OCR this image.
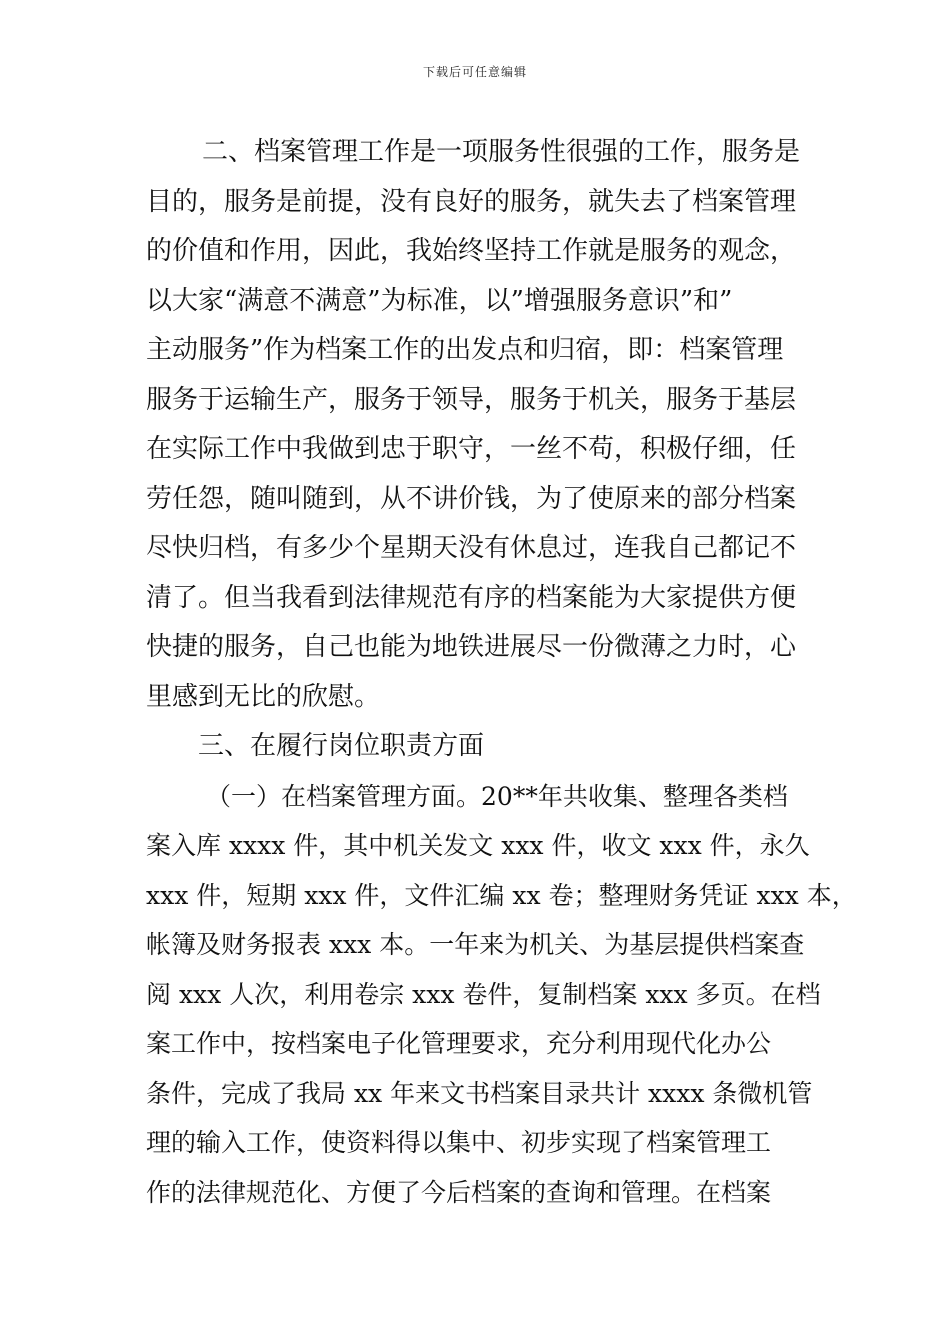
下载后可任意编辑
二、档案管理工作是一项服务性很强的工作，服务是
目的，服务是前提，没有良好的服务，就失去了档案管理
的价值和作用，因此，我始终坚持工作就是服务的观念，
以大家“满意不满意”为标准，以”增强服务意识”和”
主动服务”作为档案工作的出发点和归宿，即：档案管理
服务于运输生产，服务于领导，服务于机关，服务于基层
在实际工作中我做到忠于职守，一丝不苟，积极仔细，任
劳任怨，随叫随到，从不讲价钱，为了使原来的部分档案
尽快归档，有多少个星期天没有休息过，连我自己都记不
清了。但当我看到法律规范有序的档案能为大家提供方便
快捷的服务，自己也能为地铁进展尽一份微薄之力时，心
里感到无比的欣慰。
三、在履行岗位职责方面
（一）在档案管理方面。20**年共收集、整理各类档
案入库 xxxx 件，其中机关发文 xxx 件，收文 xxx 件，永久
xxx 件，短期 xxx 件，文件汇编 xx 卷；整理财务凭证 xxx 本，
帐簿及财务报表 xxx 本。一年来为机关、为基层提供档案查
阅 xxx 人次，利用卷宗 xxx 卷件，复制档案 xxx 多页。在档
案工作中，按档案电子化管理要求，充分利用现代化办公
条件，完成了我局 xx 年来文书档案目录共计 xxxx 条微机管
理的输入工作，使资料得以集中、初步实现了档案管理工
作的法律规范化、方便了今后档案的查询和管理。在档案
